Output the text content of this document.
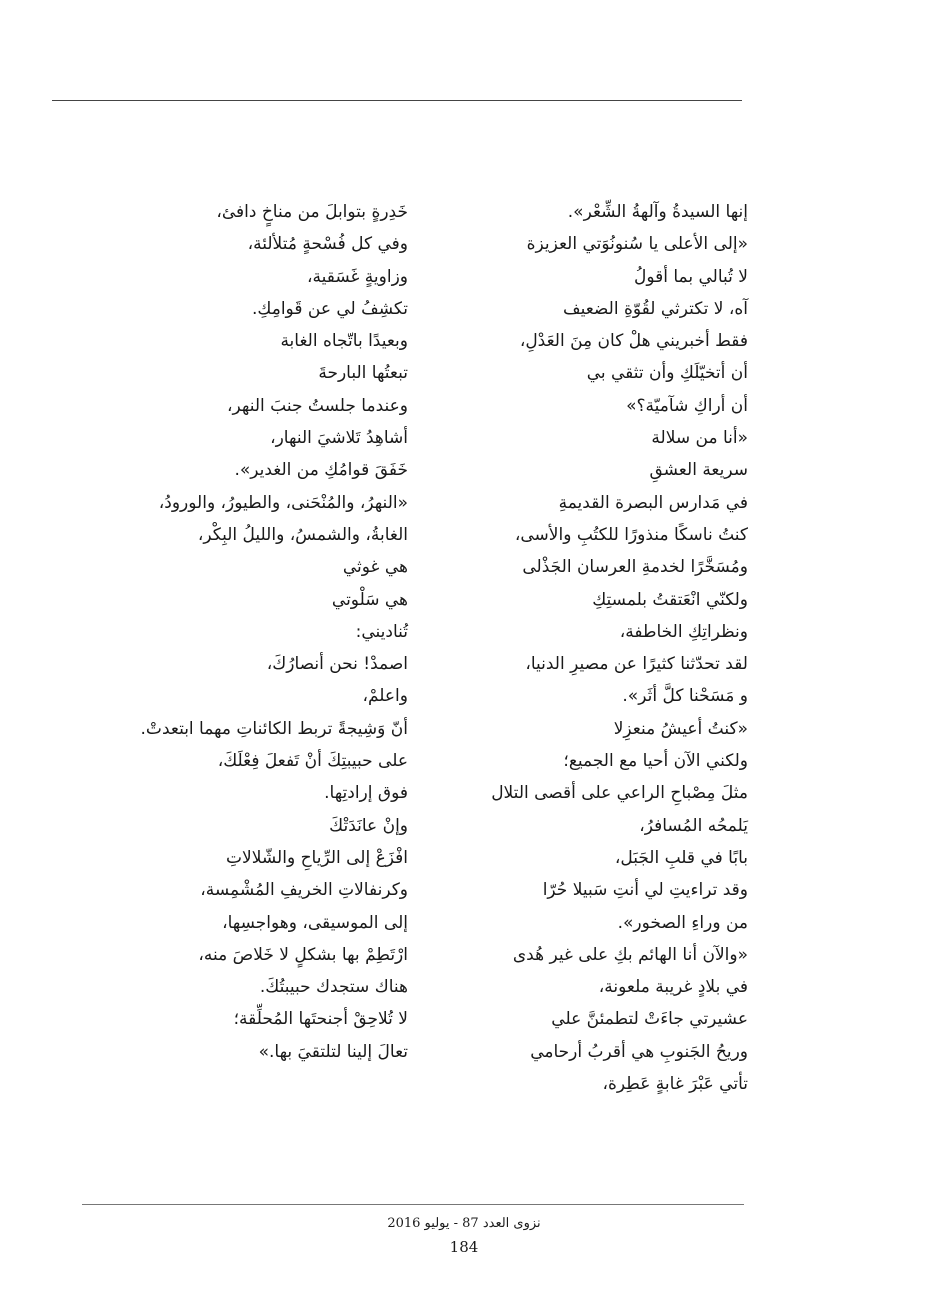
إنها السيدةُ وآلهةُ الشِّعْر».
«إلى الأعلى يا سُنونُوَتي العزيزة
لا تُبالي بما أقولُ
آه، لا تكترثي لقُوّةِ الضعيف
فقط أخبريني هلْ كان مِنَ العَدْلِ،
أن أتخيّلَكِ وأن تثقي بي
أن أراكِ شآميّة؟»
«أنا من سلالة
سريعة العشقِ
في مَدارس البصرة القديمةِ
كنتُ ناسكًا منذورًا للكتُبِ والأسى،
ومُسَخَّرًا لخدمةِ العرسان الجَذْلى
ولكنّي انْعَتقتُ بلمستِكِ
ونظراتِكِ الخاطفة،
لقد تحدّثنا كثيرًا عن مصيرِ الدنيا،
و مَسَحْنا كلَّ أثَر».
«كنتُ أعيشُ منعزِلا
ولكني الآن أحيا مع الجميع؛
مثلَ مِصْباحِ الراعي على أقصى التلال
يَلمحُه المُسافرُ،
بابًا في قلبِ الجَبَل،
وقد تراءيتِ لي أنتِ سَبيلا حُرّا
من وراءِ الصخور».
«والآن أنا الهائم بكِ على غير هُدى
في بلادٍ غريبة ملعونة،
عشيرتي جاءَتْ لتطمئنَّ علي
وريحُ الجَنوبِ هي أقربُ أرحامي
تأتي عَبْرَ غابةٍ عَطِرة،
خَدِرةٍ بتوابلَ من مناخٍ دافئ،
وفي كل فُسْحةٍ مُتلألئة،
وزاويةٍ غَسَقية،
تكشِفُ لي عن قَوامِكِ.
وبعيدًا باتّجاه الغابة
تبعتُها البارحةَ
وعندما جلستُ جنبَ النهر،
أشاهِدُ تَلاشيَ النهار،
خَفَقَ قوامُكِ من الغدير».
«النهرُ، والمُنْحَنى، والطيورُ، والورودُ،
الغابةُ، والشمسُ، والليلُ البِكْر،
هي غوثي
هي سَلْوتي
تُناديني:
اصمدْ! نحن أنصارُكَ،
واعلمْ،
أنّ وَشِيجةً تربط الكائناتِ مهما ابتعدتْ.
على حبيبتِكَ أنْ تَفعلَ فِعْلَكَ،
فوق إرادتِها.
وإنْ عانَدَتْكَ
افْزَعْ إلى الرِّياحِ والشّلالاتِ
وكرنفالاتِ الخريفِ المُشْمِسة،
إلى الموسيقى، وهواجسِها،
ارْتَطِمْ بها بشكلٍ لا خَلاصَ منه،
هناك ستجدك حبيبتُكَ.
لا تُلاحِقْ أجنحتَها المُحلِّقة؛
تعالَ إلينا لتلتقيَ بها.»
نزوى العدد 87 - يوليو 2016
184
